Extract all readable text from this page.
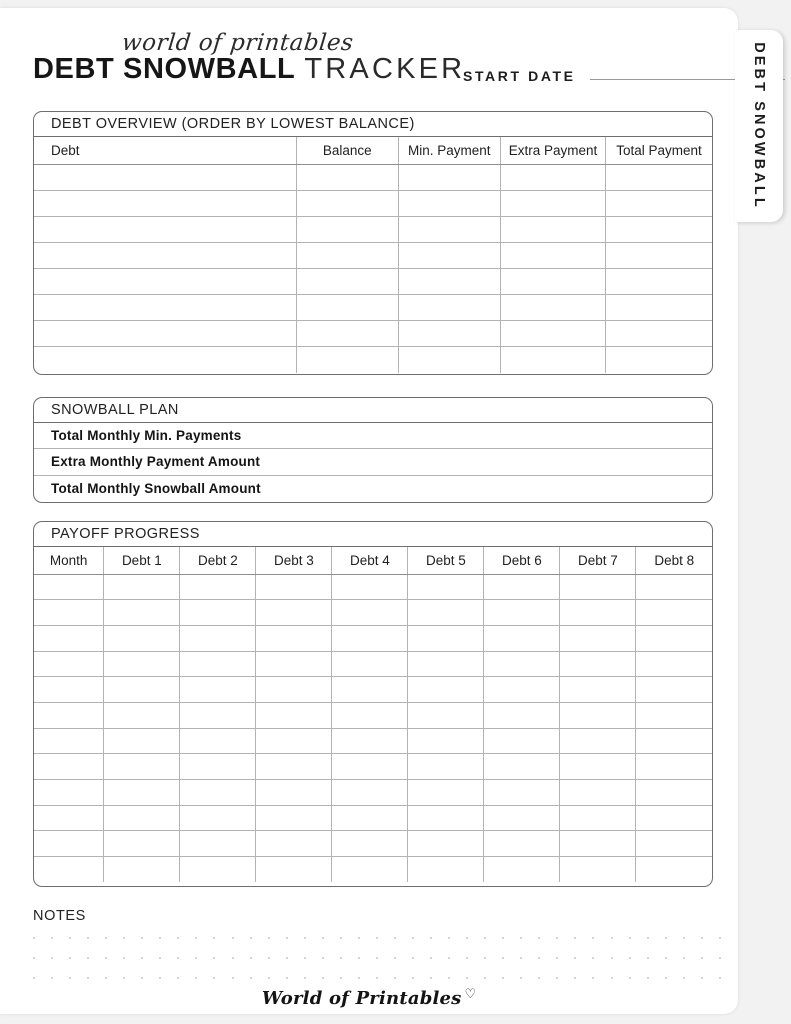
world of printables
DEBT SNOWBALL TRACKER
START DATE
DEBT OVERVIEW (ORDER BY LOWEST BALANCE)
Debt	Balance	Min. Payment	Extra Payment	Total Payment

SNOWBALL PLAN
Total Monthly Min. Payments
Extra Monthly Payment Amount
Total Monthly Snowball Amount
PAYOFF PROGRESS
Month	Debt 1	Debt 2	Debt 3	Debt 4	Debt 5	Debt 6	Debt 7	Debt 8

NOTES
World of Printables ♡
DEBT SNOWBALL
